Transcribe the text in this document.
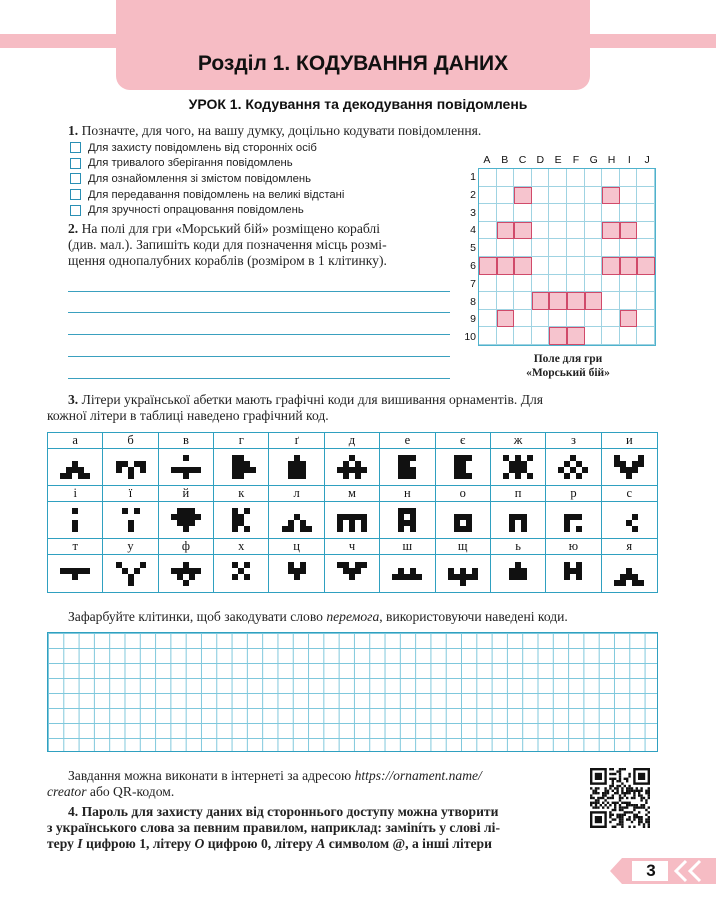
Розділ 1. КОДУВАННЯ ДАНИХ
УРОК 1. Кодування та декодування повідомлень
1. Позначте, для чого, на вашу думку, доцільно кодувати повідомлення.
Для захисту повідомлень від сторонніх осіб
Для тривалого зберігання повідомлень
Для ознайомлення зі змістом повідомлень
Для передавання повідомлень на великі відстані
Для зручності опрацювання повідомлень
2. На полі для гри «Морський бій» розміщено кораблі
(див. мал.). Запишіть коди для позначення місць розмі-
щення однопалубних кораблів (розміром в 1 клітинку).
A	B C D	E	F	G H	I	J
1
2
3
4
5
6
7
8
9
10
Поле для гри
«Морський бій»
3. Літери української абетки мають графічні коди для вишивання орнаментів. Для
кожної літери в таблиці наведено графічний код.
а	б	в	г	ґ	д	е	є	ж	з	и
і	ї	й	к	л	м	н	о	п	р	с
т	у	ф	х	ц	ч	ш	щ	ь	ю	я
Зафарбуйте клітинки, щоб закодувати слово перемога, використовуючи наведені коди.
Завдання можна виконати в інтернеті за адресою https://ornament.name/
creator або QR-кодом.
4. Пароль для захисту даних від стороннього доступу можна утворити
з українського слова за певним правилом, наприклад: заміníть у слові лі-
теру І цифрою 1, літеру О цифрою 0, літеру А символом @, а інші літери
3
